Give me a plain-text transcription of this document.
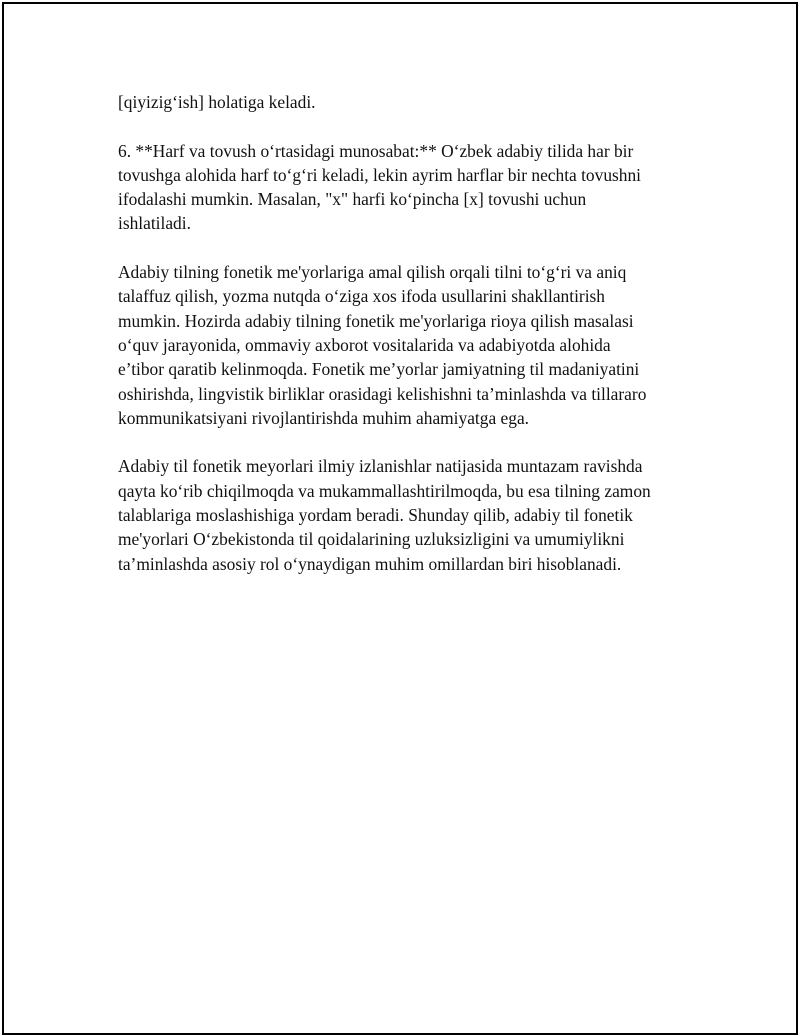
[qiyizig‘ish] holatiga keladi.

6. **Harf va tovush o‘rtasidagi munosabat:** O‘zbek adabiy tilida har bir
tovushga alohida harf to‘g‘ri keladi, lekin ayrim harflar bir nechta tovushni
ifodalashi mumkin. Masalan, "x" harfi ko‘pincha [x] tovushi uchun
ishlatiladi.

Adabiy tilning fonetik me'yorlariga amal qilish orqali tilni to‘g‘ri va aniq
talaffuz qilish, yozma nutqda o‘ziga xos ifoda usullarini shakllantirish
mumkin. Hozirda adabiy tilning fonetik me'yorlariga rioya qilish masalasi
o‘quv jarayonida, ommaviy axborot vositalarida va adabiyotda alohida
e’tibor qaratib kelinmoqda. Fonetik me’yorlar jamiyatning til madaniyatini
oshirishda, lingvistik birliklar orasidagi kelishishni ta’minlashda va tillararo
kommunikatsiyani rivojlantirishda muhim ahamiyatga ega.

Adabiy til fonetik meyorlari ilmiy izlanishlar natijasida muntazam ravishda
qayta ko‘rib chiqilmoqda va mukammallashtirilmoqda, bu esa tilning zamon
talablariga moslashishiga yordam beradi. Shunday qilib, adabiy til fonetik
me'yorlari O‘zbekistonda til qoidalarining uzluksizligini va umumiylikni
ta’minlashda asosiy rol o‘ynaydigan muhim omillardan biri hisoblanadi.
